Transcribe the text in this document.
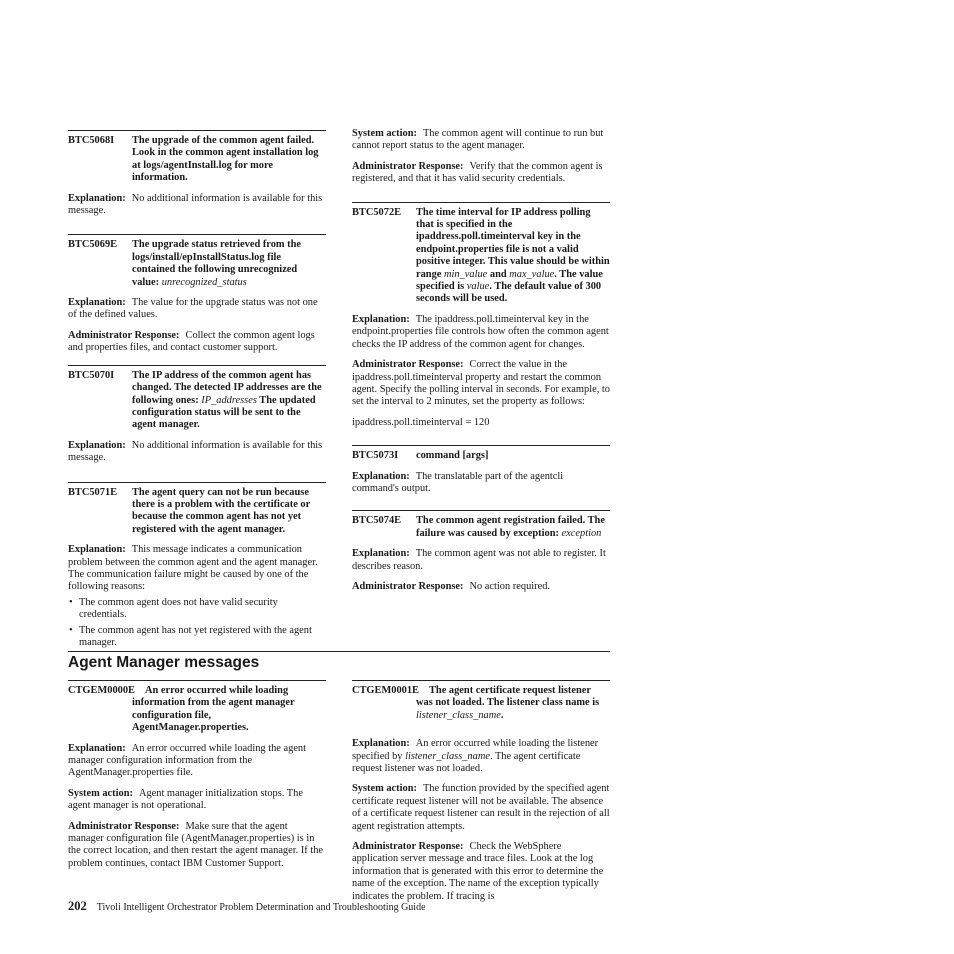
BTC5068I	The upgrade of the common agent failed. Look in the common agent installation log at logs/agentInstall.log for more information.
Explanation: No additional information is available for this message.
BTC5069E	The upgrade status retrieved from the logs/install/epInstallStatus.log file contained the following unrecognized value: unrecognized_status
Explanation: The value for the upgrade status was not one of the defined values.
Administrator Response: Collect the common agent logs and properties files, and contact customer support.
BTC5070I	The IP address of the common agent has changed. The detected IP addresses are the following ones: IP_addresses The updated configuration status will be sent to the agent manager.
Explanation: No additional information is available for this message.
BTC5071E	The agent query can not be run because there is a problem with the certificate or because the common agent has not yet registered with the agent manager.
Explanation: This message indicates a communication problem between the common agent and the agent manager. The communication failure might be caused by one of the following reasons:
• The common agent does not have valid security credentials.
• The common agent has not yet registered with the agent manager.
System action: The common agent will continue to run but cannot report status to the agent manager.
Administrator Response: Verify that the common agent is registered, and that it has valid security credentials.
BTC5072E	The time interval for IP address polling that is specified in the ipaddress.poll.timeinterval key in the endpoint.properties file is not a valid positive integer. This value should be within range min_value and max_value. The value specified is value. The default value of 300 seconds will be used.
Explanation: The ipaddress.poll.timeinterval key in the endpoint.properties file controls how often the common agent checks the IP address of the common agent for changes.
Administrator Response: Correct the value in the ipaddress.poll.timeinterval property and restart the common agent. Specify the polling interval in seconds. For example, to set the interval to 2 minutes, set the property as follows:
ipaddress.poll.timeinterval = 120
BTC5073I	command [args]
Explanation: The translatable part of the agentcli command's output.
BTC5074E	The common agent registration failed. The failure was caused by exception: exception
Explanation: The common agent was not able to register. It describes reason.
Administrator Response: No action required.
Agent Manager messages
CTGEM0000E An error occurred while loading information from the agent manager configuration file, AgentManager.properties.
Explanation: An error occurred while loading the agent manager configuration information from the AgentManager.properties file.
System action: Agent manager initialization stops. The agent manager is not operational.
Administrator Response: Make sure that the agent manager configuration file (AgentManager.properties) is in the correct location, and then restart the agent manager. If the problem continues, contact IBM Customer Support.
CTGEM0001E The agent certificate request listener was not loaded. The listener class name is listener_class_name.
Explanation: An error occurred while loading the listener specified by listener_class_name. The agent certificate request listener was not loaded.
System action: The function provided by the specified agent certificate request listener will not be available. The absence of a certificate request listener can result in the rejection of all agent registration attempts.
Administrator Response: Check the WebSphere application server message and trace files. Look at the log information that is generated with this error to determine the name of the exception. The name of the exception typically indicates the problem. If tracing is
202 Tivoli Intelligent Orchestrator Problem Determination and Troubleshooting Guide
